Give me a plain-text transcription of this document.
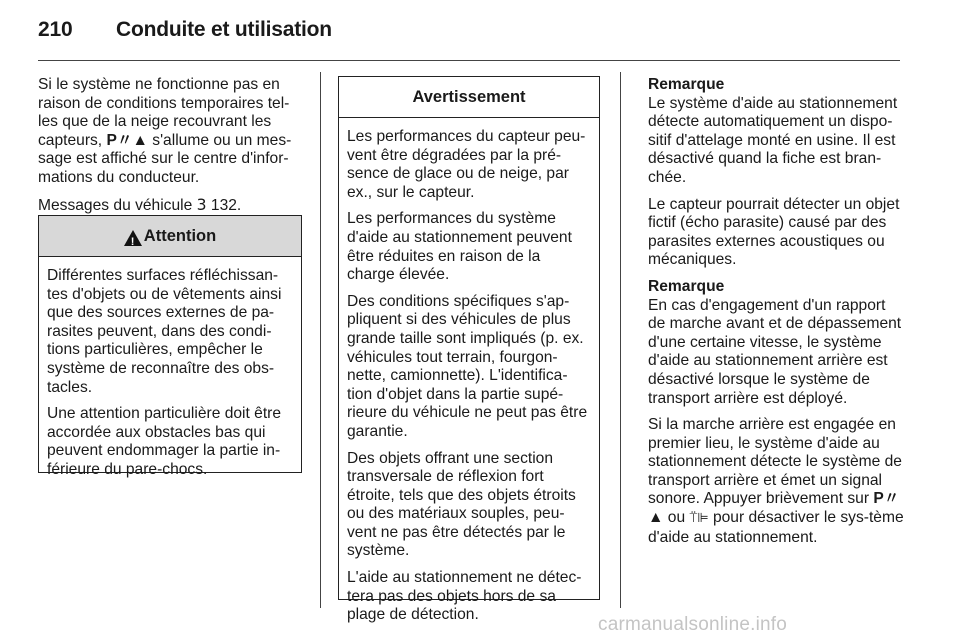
210 Conduite et utilisation

Si le système ne fonctionne pas en raison de conditions temporaires tel-les que de la neige recouvrant les capteurs, P〃▲ s'allume ou un mes-sage est affiché sur le centre d'infor-mations du conducteur.

Messages du véhicule 3 132.

! Attention

Différentes surfaces réfléchissan-tes d'objets ou de vêtements ainsi que des sources externes de pa-rasites peuvent, dans des condi-tions particulières, empêcher le système de reconnaître des obs-tacles.

Une attention particulière doit être accordée aux obstacles bas qui peuvent endommager la partie in-férieure du pare-chocs.

Avertissement

Les performances du capteur peu-vent être dégradées par la pré-sence de glace ou de neige, par ex., sur le capteur.

Les performances du système d'aide au stationnement peuvent être réduites en raison de la charge élevée.

Des conditions spécifiques s'ap-pliquent si des véhicules de plus grande taille sont impliqués (p. ex. véhicules tout terrain, fourgon-nette, camionnette). L'identifica-tion d'objet dans la partie supé-rieure du véhicule ne peut pas être garantie.

Des objets offrant une section transversale de réflexion fort étroite, tels que des objets étroits ou des matériaux souples, peu-vent ne pas être détectés par le système.

L'aide au stationnement ne détec-tera pas des objets hors de sa plage de détection.

Remarque
Le système d'aide au stationnement détecte automatiquement un dispo-sitif d'attelage monté en usine. Il est désactivé quand la fiche est bran-chée.

Le capteur pourrait détecter un objet fictif (écho parasite) causé par des parasites externes acoustiques ou mécaniques.

Remarque
En cas d'engagement d'un rapport de marche avant et de dépassement d'une certaine vitesse, le système d'aide au stationnement arrière est désactivé lorsque le système de transport arrière est déployé.

Si la marche arrière est engagée en premier lieu, le système d'aide au stationnement détecte le système de transport arrière et émet un signal sonore. Appuyer brièvement sur P〃▲ ou ⍡⊫ pour désactiver le sys-tème d'aide au stationnement.

carmanualsonline.info
